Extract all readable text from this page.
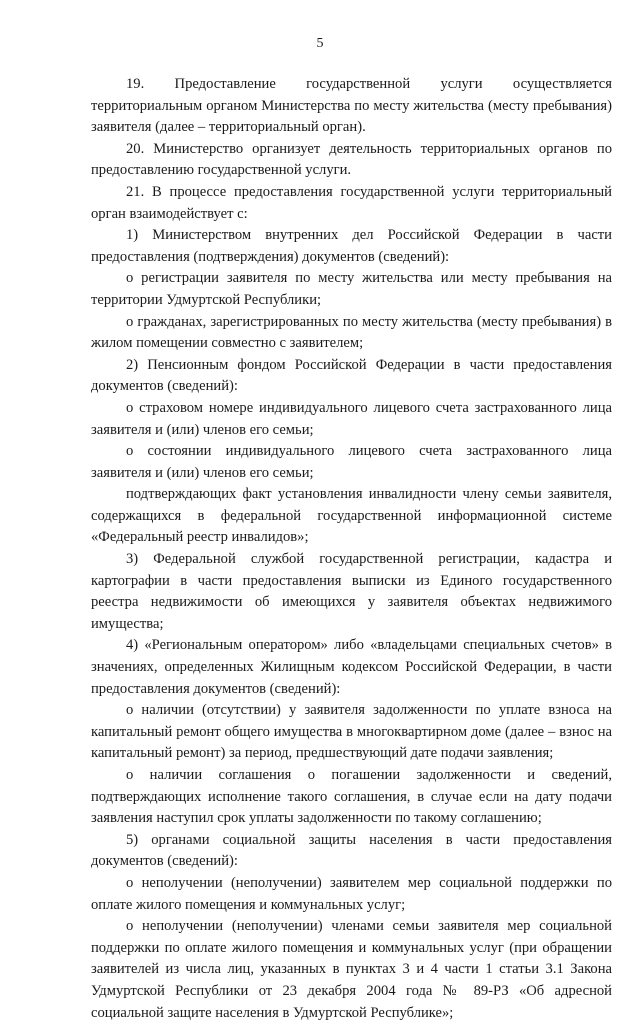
5

19. Предоставление государственной услуги осуществляется территориальным органом Министерства по месту жительства (месту пребывания) заявителя (далее – территориальный орган).

20. Министерство организует деятельность территориальных органов по предоставлению государственной услуги.

21. В процессе предоставления государственной услуги территориальный орган взаимодействует с:

1) Министерством внутренних дел Российской Федерации в части предоставления (подтверждения) документов (сведений):

о регистрации заявителя по месту жительства или месту пребывания на территории Удмуртской Республики;

о гражданах, зарегистрированных по месту жительства (месту пребывания) в жилом помещении совместно с заявителем;

2) Пенсионным фондом Российской Федерации в части предоставления документов (сведений):

о страховом номере индивидуального лицевого счета застрахованного лица заявителя и (или) членов его семьи;

о состоянии индивидуального лицевого счета застрахованного лица заявителя и (или) членов его семьи;

подтверждающих факт установления инвалидности члену семьи заявителя, содержащихся в федеральной государственной информационной системе «Федеральный реестр инвалидов»;

3) Федеральной службой государственной регистрации, кадастра и картографии в части предоставления выписки из Единого государственного реестра недвижимости об имеющихся у заявителя объектах недвижимого имущества;

4) «Региональным оператором» либо «владельцами специальных счетов» в значениях, определенных Жилищным кодексом Российской Федерации, в части предоставления документов (сведений):

о наличии (отсутствии) у заявителя задолженности по уплате взноса на капитальный ремонт общего имущества в многоквартирном доме (далее – взнос на капитальный ремонт) за период, предшествующий дате подачи заявления;

о наличии соглашения о погашении задолженности и сведений, подтверждающих исполнение такого соглашения, в случае если на дату подачи заявления наступил срок уплаты задолженности по такому соглашению;

5) органами социальной защиты населения в части предоставления документов (сведений):

о неполучении (неполучении) заявителем мер социальной поддержки по оплате жилого помещения и коммунальных услуг;

о неполучении (неполучении) членами семьи заявителя мер социальной поддержки по оплате жилого помещения и коммунальных услуг (при обращении заявителей из числа лиц, указанных в пунктах 3 и 4 части 1 статьи 3.1 Закона Удмуртской Республики от 23 декабря 2004 года № 89-РЗ «Об адресной социальной защите населения в Удмуртской Республике»;
